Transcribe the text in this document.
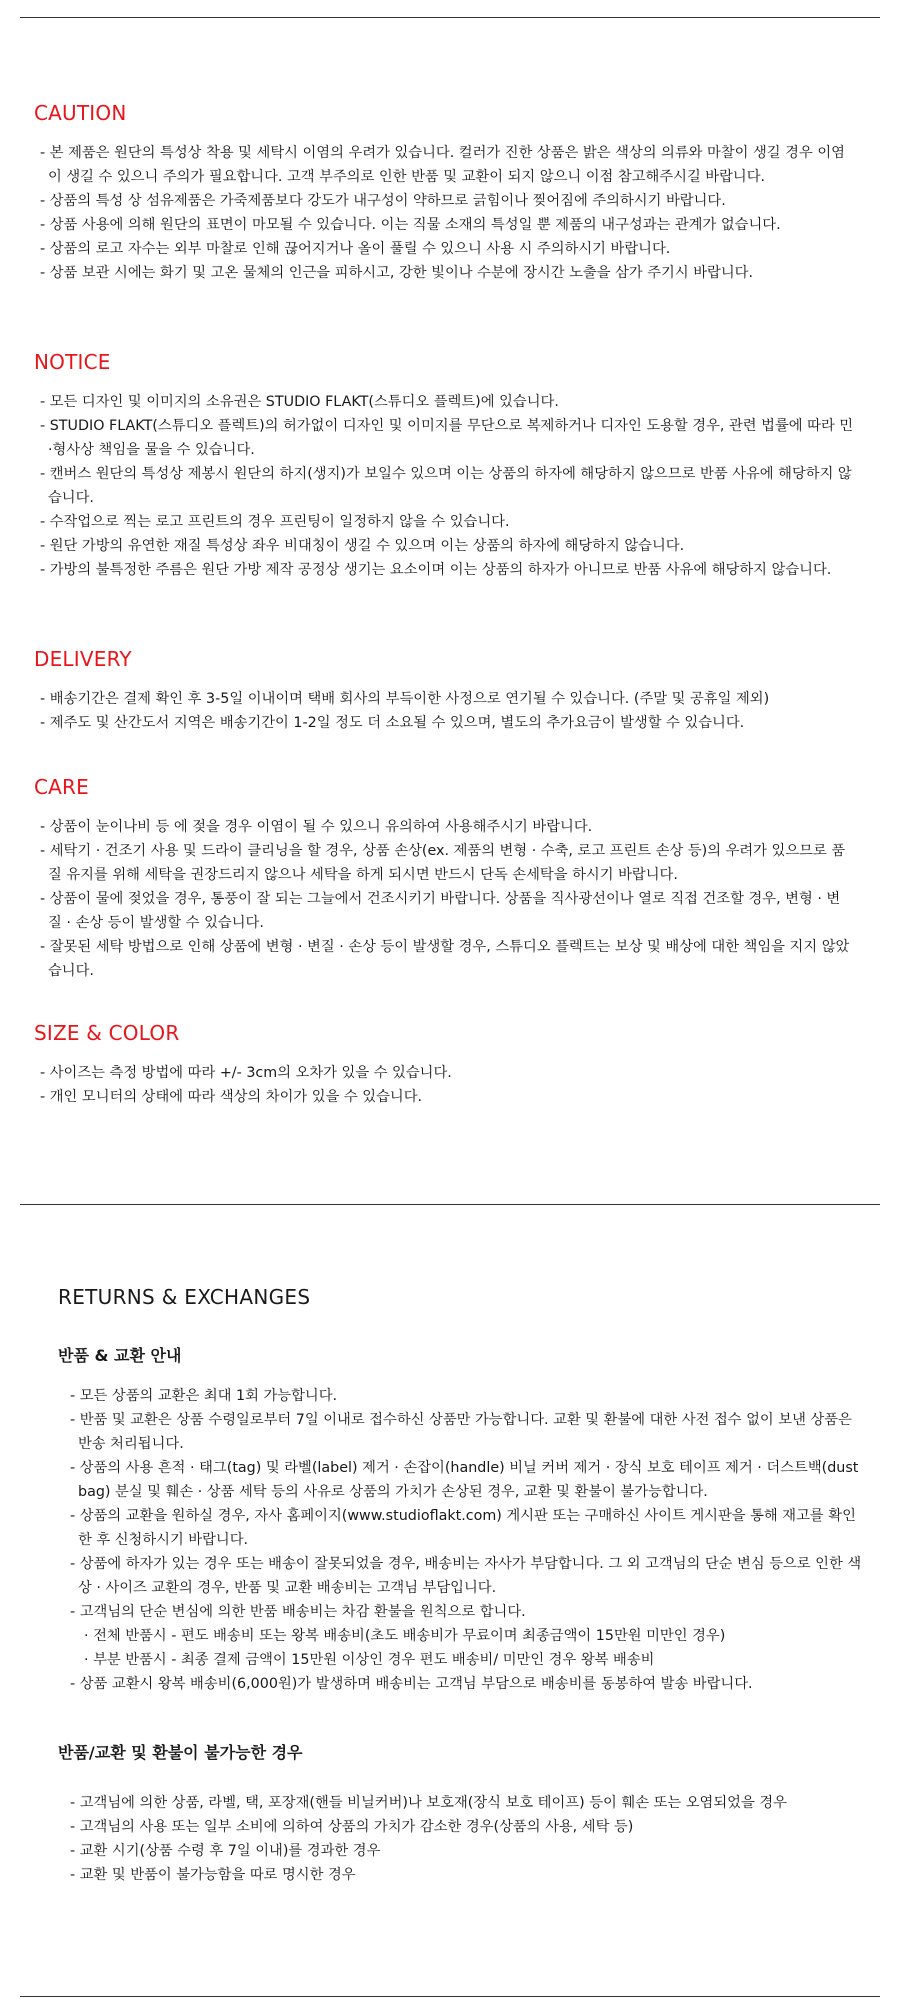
CAUTION
- 본 제품은 원단의 특성상 착용 및 세탁시 이염의 우려가 있습니다. 컬러가 진한 상품은 밝은 색상의 의류와 마찰이 생길 경우 이염이 생길 수 있으니 주의가 필요합니다. 고객 부주의로 인한 반품 및 교환이 되지 않으니 이점 참고해주시길 바랍니다.
- 상품의 특성 상 섬유제품은 가죽제품보다 강도가 내구성이 약하므로 긁힘이나 찢어짐에 주의하시기 바랍니다.
- 상품 사용에 의해 원단의 표면이 마모될 수 있습니다. 이는 직물 소재의 특성일 뿐 제품의 내구성과는 관계가 없습니다.
- 상품의 로고 자수는 외부 마찰로 인해 끊어지거나 올이 풀릴 수 있으니 사용 시 주의하시기 바랍니다.
- 상품 보관 시에는 화기 및 고온 물체의 인근을 피하시고, 강한 빛이나 수분에 장시간 노출을 삼가 주기시 바랍니다.
NOTICE
- 모든 디자인 및 이미지의 소유권은 STUDIO FLAKT(스튜디오 플렉트)에 있습니다.
- STUDIO FLAKT(스튜디오 플렉트)의 허가없이 디자인 및 이미지를 무단으로 복제하거나 디자인 도용할 경우, 관련 법률에 따라 민·형사상 책임을 물을 수 있습니다.
- 캔버스 원단의 특성상 제봉시 원단의 하지(생지)가 보일수 있으며 이는 상품의 하자에 해당하지 않으므로 반품 사유에 해당하지 않습니다.
- 수작업으로 찍는 로고 프린트의 경우 프린팅이 일정하지 않을 수 있습니다.
- 원단 가방의 유연한 재질 특성상 좌우 비대칭이 생길 수 있으며 이는 상품의 하자에 해당하지 않습니다.
- 가방의 불특정한 주름은 원단 가방 제작 공정상 생기는 요소이며 이는 상품의 하자가 아니므로 반품 사유에 해당하지 않습니다.
DELIVERY
- 배송기간은 결제 확인 후 3-5일 이내이며 택배 회사의 부득이한 사정으로 연기될 수 있습니다. (주말 및 공휴일 제외)
- 제주도 및 산간도서 지역은 배송기간이 1-2일 정도 더 소요될 수 있으며, 별도의 추가요금이 발생할 수 있습니다.
CARE
- 상품이 눈이나비 등 에 젖을 경우 이염이 될 수 있으니 유의하여 사용해주시기 바랍니다.
- 세탁기 · 건조기 사용 및 드라이 클리닝을 할 경우, 상품 손상(ex. 제품의 변형 · 수축, 로고 프린트 손상 등)의 우려가 있으므로 품질 유지를 위해 세탁을 권장드리지 않으나 세탁을 하게 되시면 반드시 단독 손세탁을 하시기 바랍니다.
- 상품이 물에 젖었을 경우, 통풍이 잘 되는 그늘에서 건조시키기 바랍니다. 상품을 직사광선이나 열로 직접 건조할 경우, 변형 · 변질 · 손상 등이 발생할 수 있습니다.
- 잘못된 세탁 방법으로 인해 상품에 변형 · 변질 · 손상 등이 발생할 경우, 스튜디오 플렉트는 보상 및 배상에 대한 책임을 지지 않았습니다.
SIZE & COLOR
- 사이즈는 측정 방법에 따라 +/- 3cm의 오차가 있을 수 있습니다.
- 개인 모니터의 상태에 따라 색상의 차이가 있을 수 있습니다.
RETURNS & EXCHANGES
반품 & 교환 안내
- 모든 상품의 교환은 최대 1회 가능합니다.
- 반품 및 교환은 상품 수령일로부터 7일 이내로 접수하신 상품만 가능합니다. 교환 및 환불에 대한 사전 접수 없이 보낸 상품은 반송 처리됩니다.
- 상품의 사용 흔적 · 태그(tag) 및 라벨(label) 제거 · 손잡이(handle) 비닐 커버 제거 · 장식 보호 테이프 제거 · 더스트백(dust bag) 분실 및 훼손 · 상품 세탁 등의 사유로 상품의 가치가 손상된 경우, 교환 및 환불이 불가능합니다.
- 상품의 교환을 원하실 경우, 자사 홈페이지(www.studioflakt.com) 게시판 또는 구매하신 사이트 게시판을 통해 재고를 확인한 후 신청하시기 바랍니다.
- 상품에 하자가 있는 경우 또는 배송이 잘못되었을 경우, 배송비는 자사가 부담합니다. 그 외 고객님의 단순 변심 등으로 인한 색상 · 사이즈 교환의 경우, 반품 및 교환 배송비는 고객님 부담입니다.
- 고객님의 단순 변심에 의한 반품 배송비는 차감 환불을 원칙으로 합니다.
· 전체 반품시 - 편도 배송비 또는 왕복 배송비(초도 배송비가 무료이며 최종금액이 15만원 미만인 경우)
· 부분 반품시 - 최종 결제 금액이 15만원 이상인 경우 편도 배송비/ 미만인 경우 왕복 배송비
- 상품 교환시 왕복 배송비(6,000원)가 발생하며 배송비는 고객님 부담으로 배송비를 동봉하여 발송 바랍니다.
반품/교환 및 환불이 불가능한 경우
- 고객님에 의한 상품, 라벨, 택, 포장재(핸들 비닐커버)나 보호재(장식 보호 테이프) 등이 훼손 또는 오염되었을 경우
- 고객님의 사용 또는 일부 소비에 의하여 상품의 가치가 감소한 경우(상품의 사용, 세탁 등)
- 교환 시기(상품 수령 후 7일 이내)를 경과한 경우
- 교환 및 반품이 불가능함을 따로 명시한 경우
